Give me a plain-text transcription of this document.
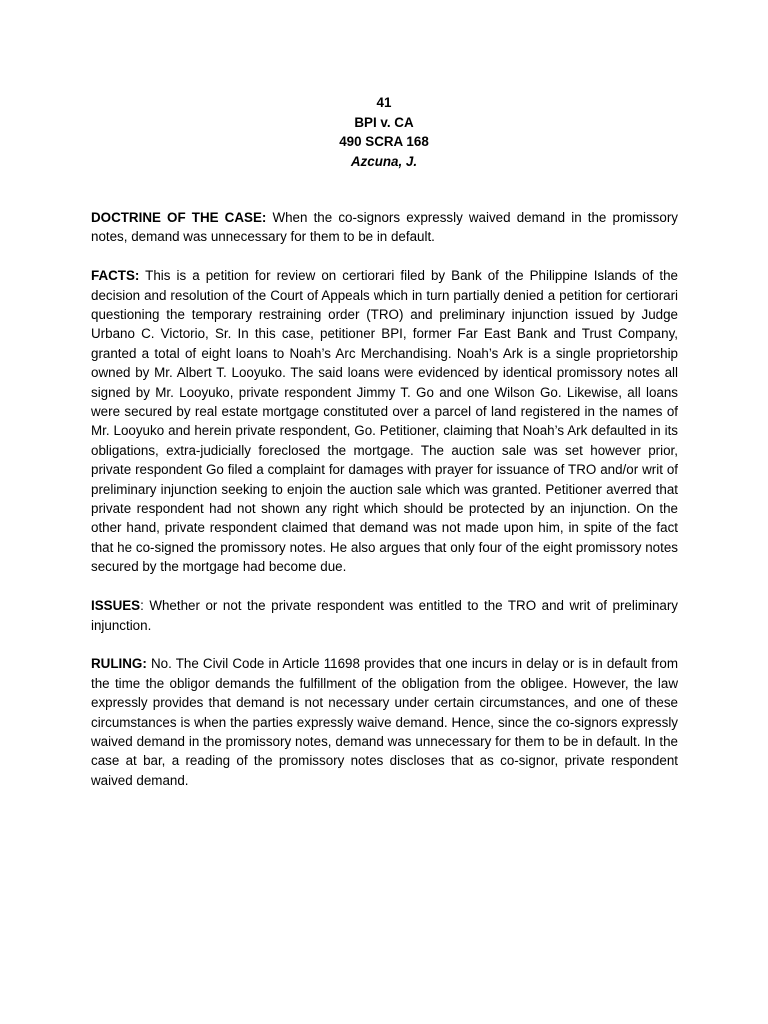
41
BPI v. CA
490 SCRA 168
Azcuna, J.

DOCTRINE OF THE CASE: When the co-signors expressly waived demand in the promissory notes, demand was unnecessary for them to be in default.

FACTS: This is a petition for review on certiorari filed by Bank of the Philippine Islands of the decision and resolution of the Court of Appeals which in turn partially denied a petition for certiorari questioning the temporary restraining order (TRO) and preliminary injunction issued by Judge Urbano C. Victorio, Sr. In this case, petitioner BPI, former Far East Bank and Trust Company, granted a total of eight loans to Noah’s Arc Merchandising. Noah’s Ark is a single proprietorship owned by Mr. Albert T. Looyuko. The said loans were evidenced by identical promissory notes all signed by Mr. Looyuko, private respondent Jimmy T. Go and one Wilson Go. Likewise, all loans were secured by real estate mortgage constituted over a parcel of land registered in the names of Mr. Looyuko and herein private respondent, Go. Petitioner, claiming that Noah’s Ark defaulted in its obligations, extra-judicially foreclosed the mortgage. The auction sale was set however prior, private respondent Go filed a complaint for damages with prayer for issuance of TRO and/or writ of preliminary injunction seeking to enjoin the auction sale which was granted. Petitioner averred that private respondent had not shown any right which should be protected by an injunction. On the other hand, private respondent claimed that demand was not made upon him, in spite of the fact that he co-signed the promissory notes. He also argues that only four of the eight promissory notes secured by the mortgage had become due.

ISSUES: Whether or not the private respondent was entitled to the TRO and writ of preliminary injunction.

RULING: No. The Civil Code in Article 11698 provides that one incurs in delay or is in default from the time the obligor demands the fulfillment of the obligation from the obligee. However, the law expressly provides that demand is not necessary under certain circumstances, and one of these circumstances is when the parties expressly waive demand. Hence, since the co-signors expressly waived demand in the promissory notes, demand was unnecessary for them to be in default. In the case at bar, a reading of the promissory notes discloses that as co-signor, private respondent waived demand.
